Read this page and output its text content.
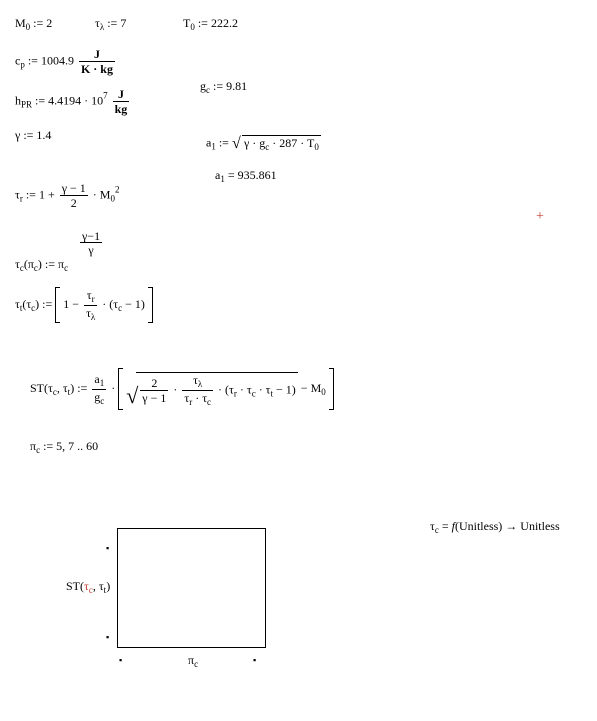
$M_0$ := 2	$\tau_\lambda$ := 7	$T_0$ := 222.2
$c_p$ := $1004.9 \frac{J}{K \cdot kg}$
$g_c$ := 9.81
$h_{PR}$ := $4.4194 \cdot 10^7 \frac{J}{kg}$
γ := 1.4
$a_1$ := √ $\gamma \cdot g_c \cdot 287 \cdot T_0$
$a_1 = 935.861$
$\tau_r$ := $1 + \frac{\gamma - 1}{2} \cdot M_0^2$
$\frac{\gamma-1}{\gamma}$
$\tau_c(\pi_c)$ := $\pi_c$
$\tau_t(\tau_c)$ := $1 - \frac{\tau_r}{\tau_\lambda} \cdot (\tau_c - 1)$
$ST(\tau_c$, $\tau_t$) := $\frac{a_1}{g_c}$ · √ $\frac{2}{\gamma - 1} \cdot \frac{\tau_\lambda}{\tau_r \cdot \tau_c} \cdot (\tau_r \cdot \tau_c \cdot \tau_t - 1) - M_0$
$\pi_c$ := 5, 7 .. 60
+
$\tau_c$ = f(Unitless) → Unitless
$ST(\tau_c$, $\tau_t$)
▪
▪
▪	▪
$\pi_c$
